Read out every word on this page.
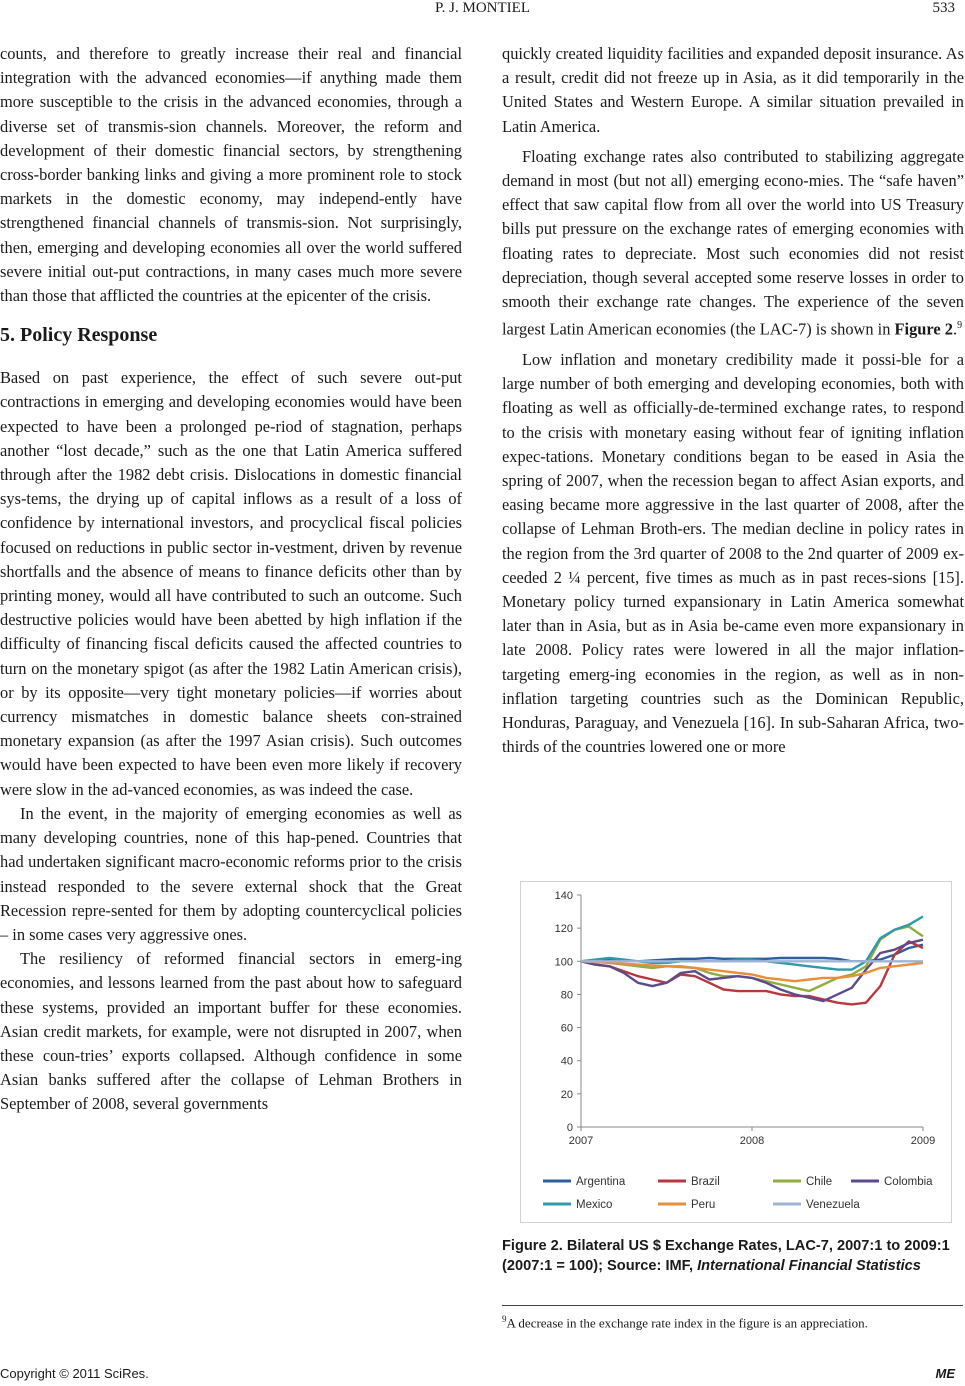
P. J. MONTIEL	533

counts, and therefore to greatly increase their real and financial integration with the advanced economies—if anything made them more susceptible to the crisis in the advanced economies, through a diverse set of transmis-sion channels. Moreover, the reform and development of their domestic financial sectors, by strengthening cross-border banking links and giving a more prominent role to stock markets in the domestic economy, may independ-ently have strengthened financial channels of transmis-sion. Not surprisingly, then, emerging and developing economies all over the world suffered severe initial out-put contractions, in many cases much more severe than those that afflicted the countries at the epicenter of the crisis.

5. Policy Response

Based on past experience, the effect of such severe out-put contractions in emerging and developing economies would have been expected to have been a prolonged pe-riod of stagnation, perhaps another “lost decade,” such as the one that Latin America suffered through after the 1982 debt crisis. Dislocations in domestic financial sys-tems, the drying up of capital inflows as a result of a loss of confidence by international investors, and procyclical fiscal policies focused on reductions in public sector in-vestment, driven by revenue shortfalls and the absence of means to finance deficits other than by printing money, would all have contributed to such an outcome. Such destructive policies would have been abetted by high inflation if the difficulty of financing fiscal deficits caused the affected countries to turn on the monetary spigot (as after the 1982 Latin American crisis), or by its opposite—very tight monetary policies—if worries about currency mismatches in domestic balance sheets con-strained monetary expansion (as after the 1997 Asian crisis). Such outcomes would have been expected to have been even more likely if recovery were slow in the ad-vanced economies, as was indeed the case.

In the event, in the majority of emerging economies as well as many developing countries, none of this hap-pened. Countries that had undertaken significant macro-economic reforms prior to the crisis instead responded to the severe external shock that the Great Recession repre-sented for them by adopting countercyclical policies – in some cases very aggressive ones.

The resiliency of reformed financial sectors in emerg-ing economies, and lessons learned from the past about how to safeguard these systems, provided an important buffer for these economies. Asian credit markets, for example, were not disrupted in 2007, when these coun-tries’ exports collapsed. Although confidence in some Asian banks suffered after the collapse of Lehman Brothers in September of 2008, several governments

quickly created liquidity facilities and expanded deposit insurance. As a result, credit did not freeze up in Asia, as it did temporarily in the United States and Western Europe. A similar situation prevailed in Latin America.

Floating exchange rates also contributed to stabilizing aggregate demand in most (but not all) emerging econo-mies. The “safe haven” effect that saw capital flow from all over the world into US Treasury bills put pressure on the exchange rates of emerging economies with floating rates to depreciate. Most such economies did not resist depreciation, though several accepted some reserve losses in order to smooth their exchange rate changes. The experience of the seven largest Latin American economies (the LAC-7) is shown in Figure 2.$^9$

Low inflation and monetary credibility made it possi-ble for a large number of both emerging and developing economies, both with floating as well as officially-de-termined exchange rates, to respond to the crisis with monetary easing without fear of igniting inflation expec-tations. Monetary conditions began to be eased in Asia the spring of 2007, when the recession began to affect Asian exports, and easing became more aggressive in the last quarter of 2008, after the collapse of Lehman Broth-ers. The median decline in policy rates in the region from the 3rd quarter of 2008 to the 2nd quarter of 2009 ex-ceeded 2 ¼ percent, five times as much as in past reces-sions [15]. Monetary policy turned expansionary in Latin America somewhat later than in Asia, but as in Asia be-came even more expansionary in late 2008. Policy rates were lowered in all the major inflation-targeting emerg-ing economies in the region, as well as in non-inflation targeting countries such as the Dominican Republic, Honduras, Paraguay, and Venezuela [16]. In sub-Saharan Africa, two-thirds of the countries lowered one or more

0
20
40
60
80
100
120
140
2007	2008	2009
Argentina	Brazil	Chile	Colombia
Mexico	Peru	Venezuela
Figure 2. Bilateral US $ Exchange Rates, LAC-7, 2007:1 to 2009:1 (2007:1 = 100); Source: IMF, International Financial Statistics
$^9$A decrease in the exchange rate index in the figure is an appreciation.
Copyright © 2011 SciRes.	ME
